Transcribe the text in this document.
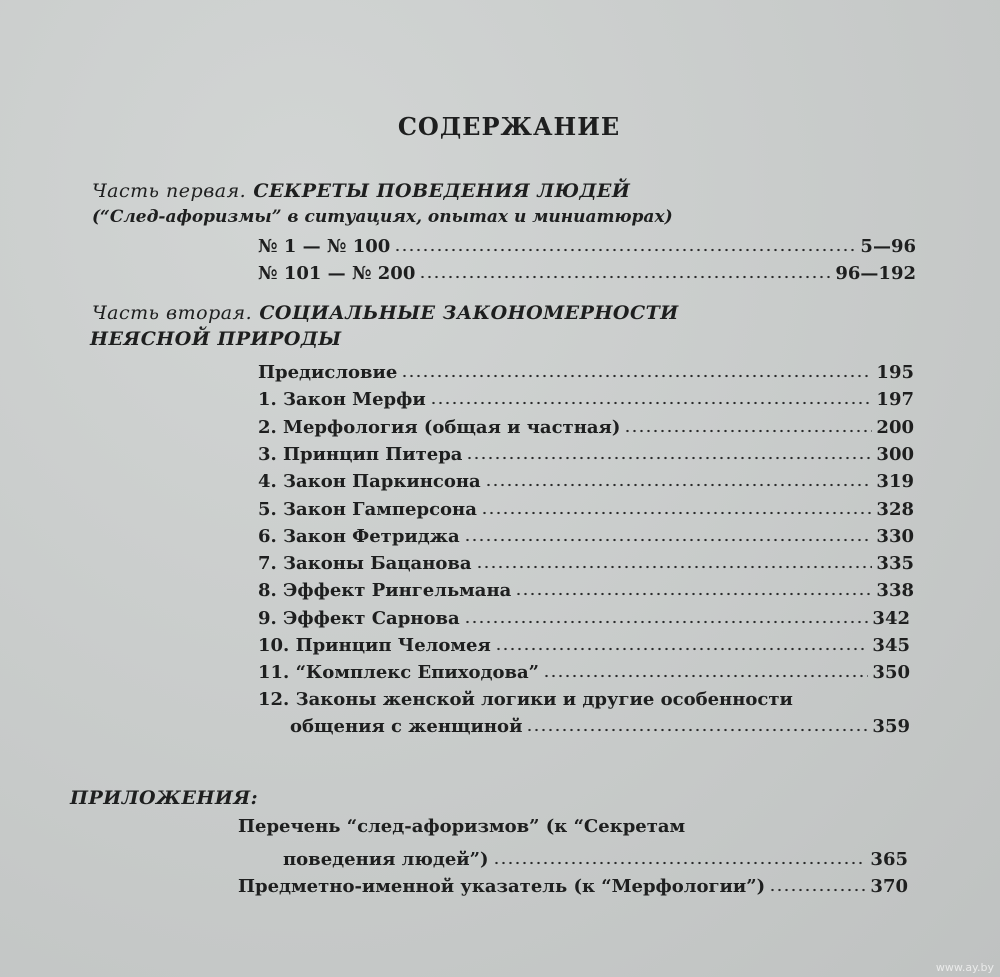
СОДЕРЖАНИЕ
Часть первая. СЕКРЕТЫ ПОВЕДЕНИЯ ЛЮДЕЙ
(“След-афоризмы” в ситуациях, опытах и миниатюрах)
№ 1 — № 100	5—96
№ 101 — № 200	96—192
Часть вторая. СОЦИАЛЬНЫЕ ЗАКОНОМЕРНОСТИ
НЕЯСНОЙ ПРИРОДЫ
Предисловие	195
1. Закон Мерфи	197
2. Мерфология (общая и частная)	200
3. Принцип Питера	300
4. Закон Паркинсона	319
5. Закон Гамперсона	328
6. Закон Фетриджа	330
7. Законы Бацанова	335
8. Эффект Рингельмана	338
9. Эффект Сарнова	342
10. Принцип Челомея	345
11. “Комплекс Епиходова”	350
12. Законы женской логики и другие особенности
общения с женщиной	359
ПРИЛОЖЕНИЯ:
Перечень “след-афоризмов” (к “Секретам
поведения людей”)	365
Предметно-именной указатель (к “Мерфологии”)	370
www.ay.by
